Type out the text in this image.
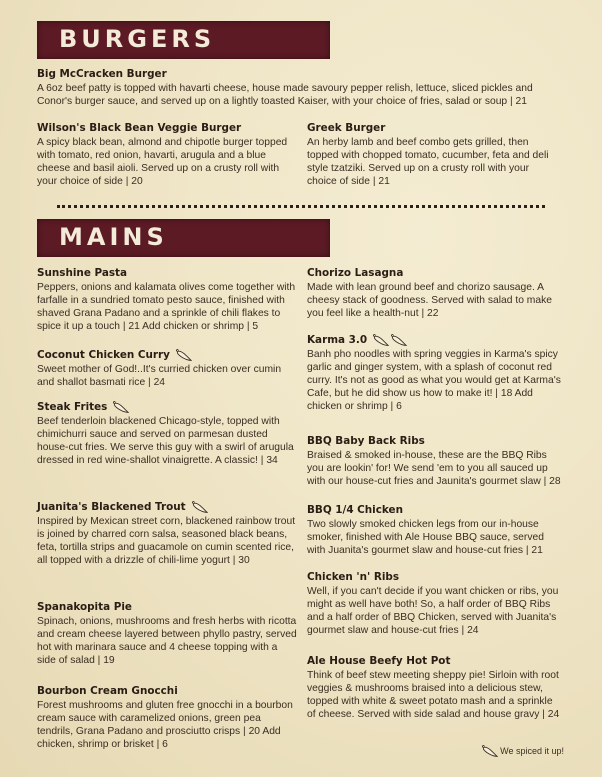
BURGERS
Big McCracken Burger
A 6oz beef patty is topped with havarti cheese, house made savoury pepper relish, lettuce, sliced pickles and Conor's burger sauce, and served up on a lightly toasted Kaiser, with your choice of fries, salad or soup | 21
Wilson's Black Bean Veggie Burger
A spicy black bean, almond and chipotle burger topped with tomato, red onion, havarti, arugula and a blue cheese and basil aioli. Served up on a crusty roll with your choice of side | 20
Greek Burger
An herby lamb and beef combo gets grilled, then topped with chopped tomato, cucumber, feta and deli style tzatziki. Served up on a crusty roll with your choice of side | 21
MAINS
Sunshine Pasta
Peppers, onions and kalamata olives come together with farfalle in a sundried tomato pesto sauce, finished with shaved Grana Padano and a sprinkle of chili flakes to spice it up a touch | 21 Add chicken or shrimp | 5
Coconut Chicken Curry
Sweet mother of God!..It's curried chicken over cumin and shallot basmati rice | 24
Steak Frites
Beef tenderloin blackened Chicago-style, topped with chimichurri sauce and served on parmesan dusted house-cut fries. We serve this guy with a swirl of arugula dressed in red wine-shallot vinaigrette. A classic! | 34
Juanita's Blackened Trout
Inspired by Mexican street corn, blackened rainbow trout is joined by charred corn salsa, seasoned black beans, feta, tortilla strips and guacamole on cumin scented rice, all topped with a drizzle of chili-lime yogurt | 30
Spanakopita Pie
Spinach, onions, mushrooms and fresh herbs with ricotta and cream cheese layered between phyllo pastry, served hot with marinara sauce and 4 cheese topping with a side of salad | 19
Bourbon Cream Gnocchi
Forest mushrooms and gluten free gnocchi in a bourbon cream sauce with caramelized onions, green pea tendrils, Grana Padano and prosciutto crisps | 20 Add chicken, shrimp or brisket | 6
Chorizo Lasagna
Made with lean ground beef and chorizo sausage. A cheesy stack of goodness. Served with salad to make you feel like a health-nut | 22
Karma 3.0
Banh pho noodles with spring veggies in Karma's spicy garlic and ginger system, with a splash of coconut red curry. It's not as good as what you would get at Karma's Cafe, but he did show us how to make it! | 18 Add chicken or shrimp | 6
BBQ Baby Back Ribs
Braised & smoked in-house, these are the BBQ Ribs you are lookin' for! We send 'em to you all sauced up with our house-cut fries and Jaunita's gourmet slaw | 28
BBQ 1/4 Chicken
Two slowly smoked chicken legs from our in-house smoker, finished with Ale House BBQ sauce, served with Juanita's gourmet slaw and house-cut fries | 21
Chicken 'n' Ribs
Well, if you can't decide if you want chicken or ribs, you might as well have both! So, a half order of BBQ Ribs and a half order of BBQ Chicken, served with Juanita's gourmet slaw and house-cut fries | 24
Ale House Beefy Hot Pot
Think of beef stew meeting sheppy pie! Sirloin with root veggies & mushrooms braised into a delicious stew, topped with white & sweet potato mash and a sprinkle of cheese. Served with side salad and house gravy | 24
We spiced it up!
